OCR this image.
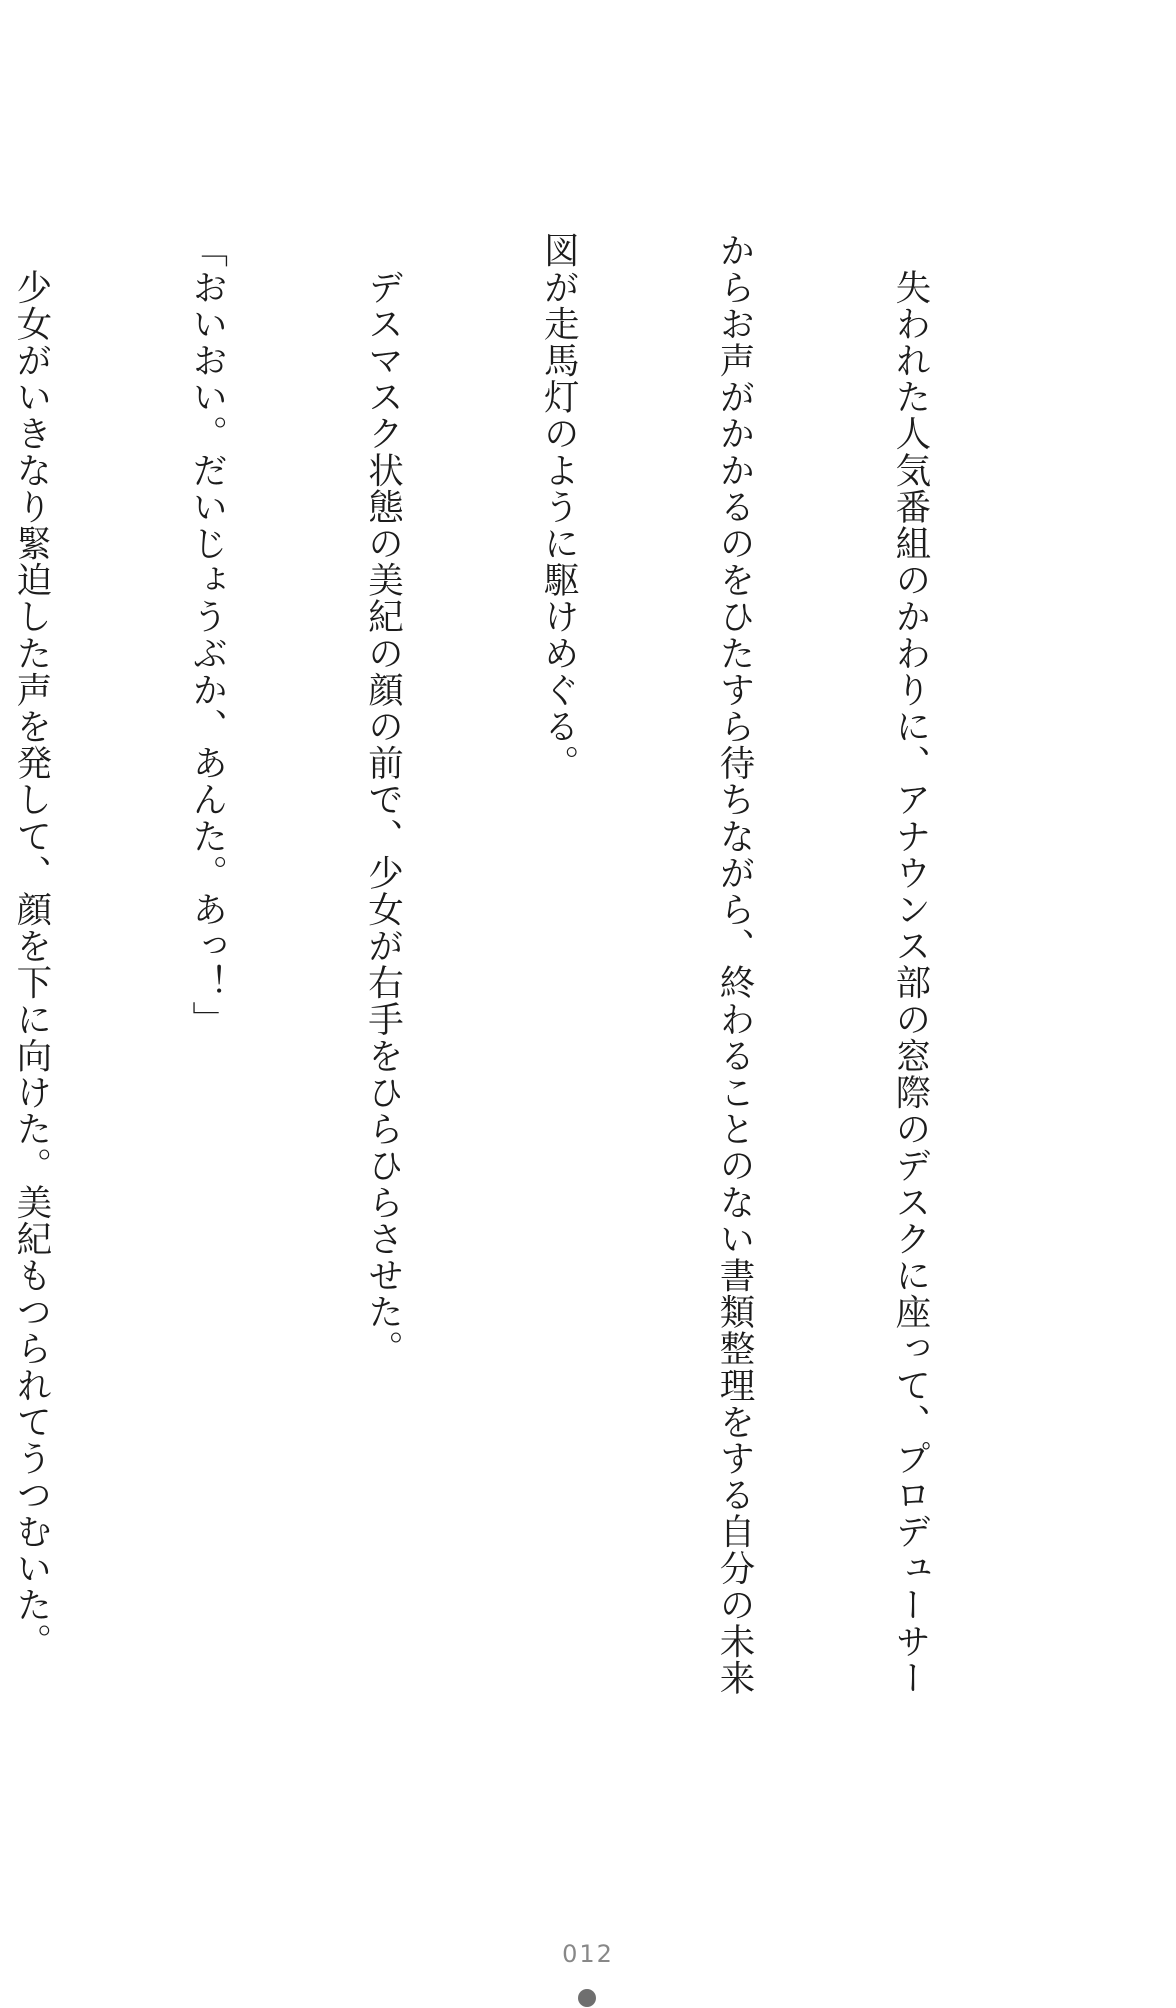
　失われた人気番組のかわりに、アナウンス部の窓際のデスクに座って、プロデューサー

からお声がかかるのをひたすら待ちながら、終わることのない書類整理をする自分の未来

図が走馬灯のように駆けめぐる。

　デスマスク状態の美紀の顔の前で、少女が右手をひらひらさせた。

「おいおい。だいじょうぶか、あんた。あっ！」

　少女がいきなり緊迫した声を発して、顔を下に向けた。美紀もつられてうつむいた。

012
